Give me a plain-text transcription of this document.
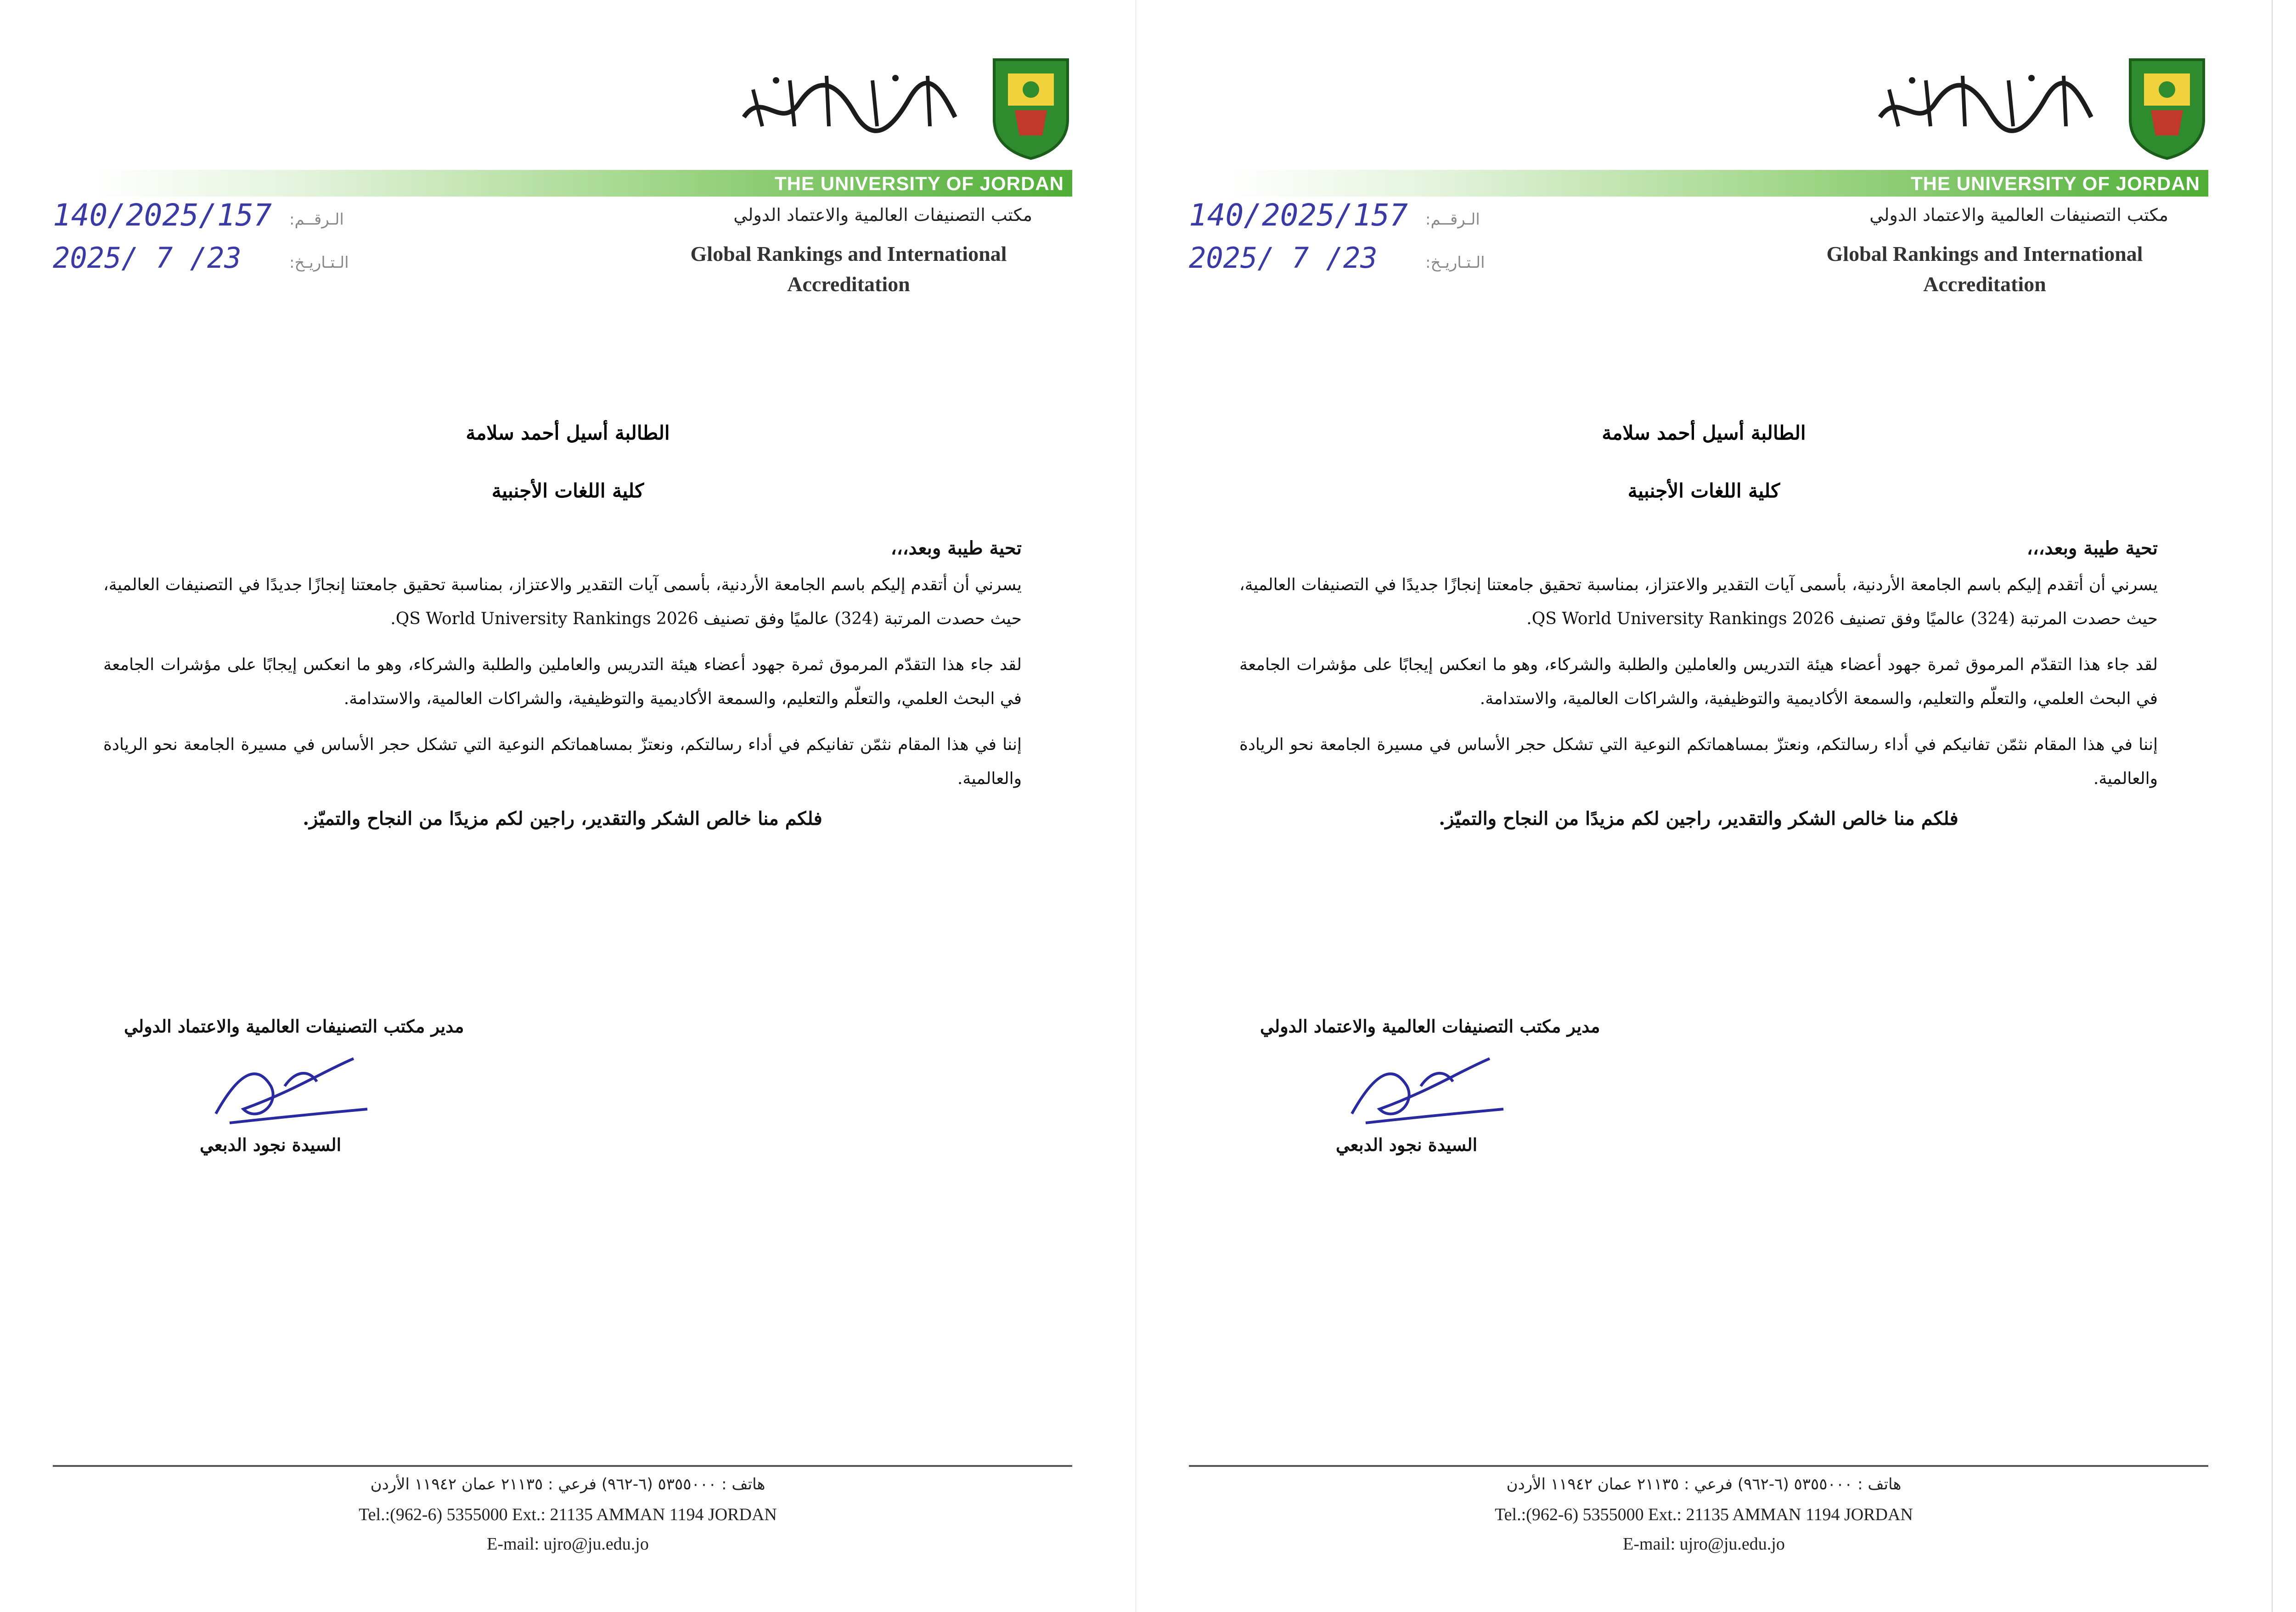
THE UNIVERSITY OF JORDAN
مكتب التصنيفات العالمية والاعتماد الدولي
Global Rankings and International
Accreditation
الـرقــم:
الـتـاريـخ:
140/2025/157
2025/ 7 /23
الطالبة أسيل أحمد سلامة
كلية اللغات الأجنبية

تحية طيبة وبعد،،،

يسرني أن أتقدم إليكم باسم الجامعة الأردنية، بأسمى آيات التقدير والاعتزاز، بمناسبة تحقيق جامعتنا إنجازًا جديدًا في التصنيفات العالمية، حيث حصدت المرتبة (324) عالميًا وفق تصنيف QS World University Rankings 2026.

لقد جاء هذا التقدّم المرموق ثمرة جهود أعضاء هيئة التدريس والعاملين والطلبة والشركاء، وهو ما انعكس إيجابًا على مؤشرات الجامعة في البحث العلمي، والتعلّم والتعليم، والسمعة الأكاديمية والتوظيفية، والشراكات العالمية، والاستدامة.

إننا في هذا المقام نثمّن تفانيكم في أداء رسالتكم، ونعتزّ بمساهماتكم النوعية التي تشكل حجر الأساس في مسيرة الجامعة نحو الريادة والعالمية.

فلكم منا خالص الشكر والتقدير، راجين لكم مزيدًا من النجاح والتميّز.
مدير مكتب التصنيفات العالمية والاعتماد الدولي
السيدة نجود الدبعي
هاتف : ٥٣٥٥٠٠٠ (٦-٩٦٢) فرعي : ٢١١٣٥ عمان ١١٩٤٢ الأردن
Tel.:(962-6) 5355000 Ext.: 21135 AMMAN 1194 JORDAN
E-mail: ujro@ju.edu.jo
THE UNIVERSITY OF JORDAN
مكتب التصنيفات العالمية والاعتماد الدولي
Global Rankings and International
Accreditation
الـرقــم:
الـتـاريـخ:
140/2025/157
2025/ 7 /23
الطالبة أسيل أحمد سلامة
كلية اللغات الأجنبية

تحية طيبة وبعد،،،

يسرني أن أتقدم إليكم باسم الجامعة الأردنية، بأسمى آيات التقدير والاعتزاز، بمناسبة تحقيق جامعتنا إنجازًا جديدًا في التصنيفات العالمية، حيث حصدت المرتبة (324) عالميًا وفق تصنيف QS World University Rankings 2026.

لقد جاء هذا التقدّم المرموق ثمرة جهود أعضاء هيئة التدريس والعاملين والطلبة والشركاء، وهو ما انعكس إيجابًا على مؤشرات الجامعة في البحث العلمي، والتعلّم والتعليم، والسمعة الأكاديمية والتوظيفية، والشراكات العالمية، والاستدامة.

إننا في هذا المقام نثمّن تفانيكم في أداء رسالتكم، ونعتزّ بمساهماتكم النوعية التي تشكل حجر الأساس في مسيرة الجامعة نحو الريادة والعالمية.

فلكم منا خالص الشكر والتقدير، راجين لكم مزيدًا من النجاح والتميّز.
مدير مكتب التصنيفات العالمية والاعتماد الدولي
السيدة نجود الدبعي
هاتف : ٥٣٥٥٠٠٠ (٦-٩٦٢) فرعي : ٢١١٣٥ عمان ١١٩٤٢ الأردن
Tel.:(962-6) 5355000 Ext.: 21135 AMMAN 1194 JORDAN
E-mail: ujro@ju.edu.jo
